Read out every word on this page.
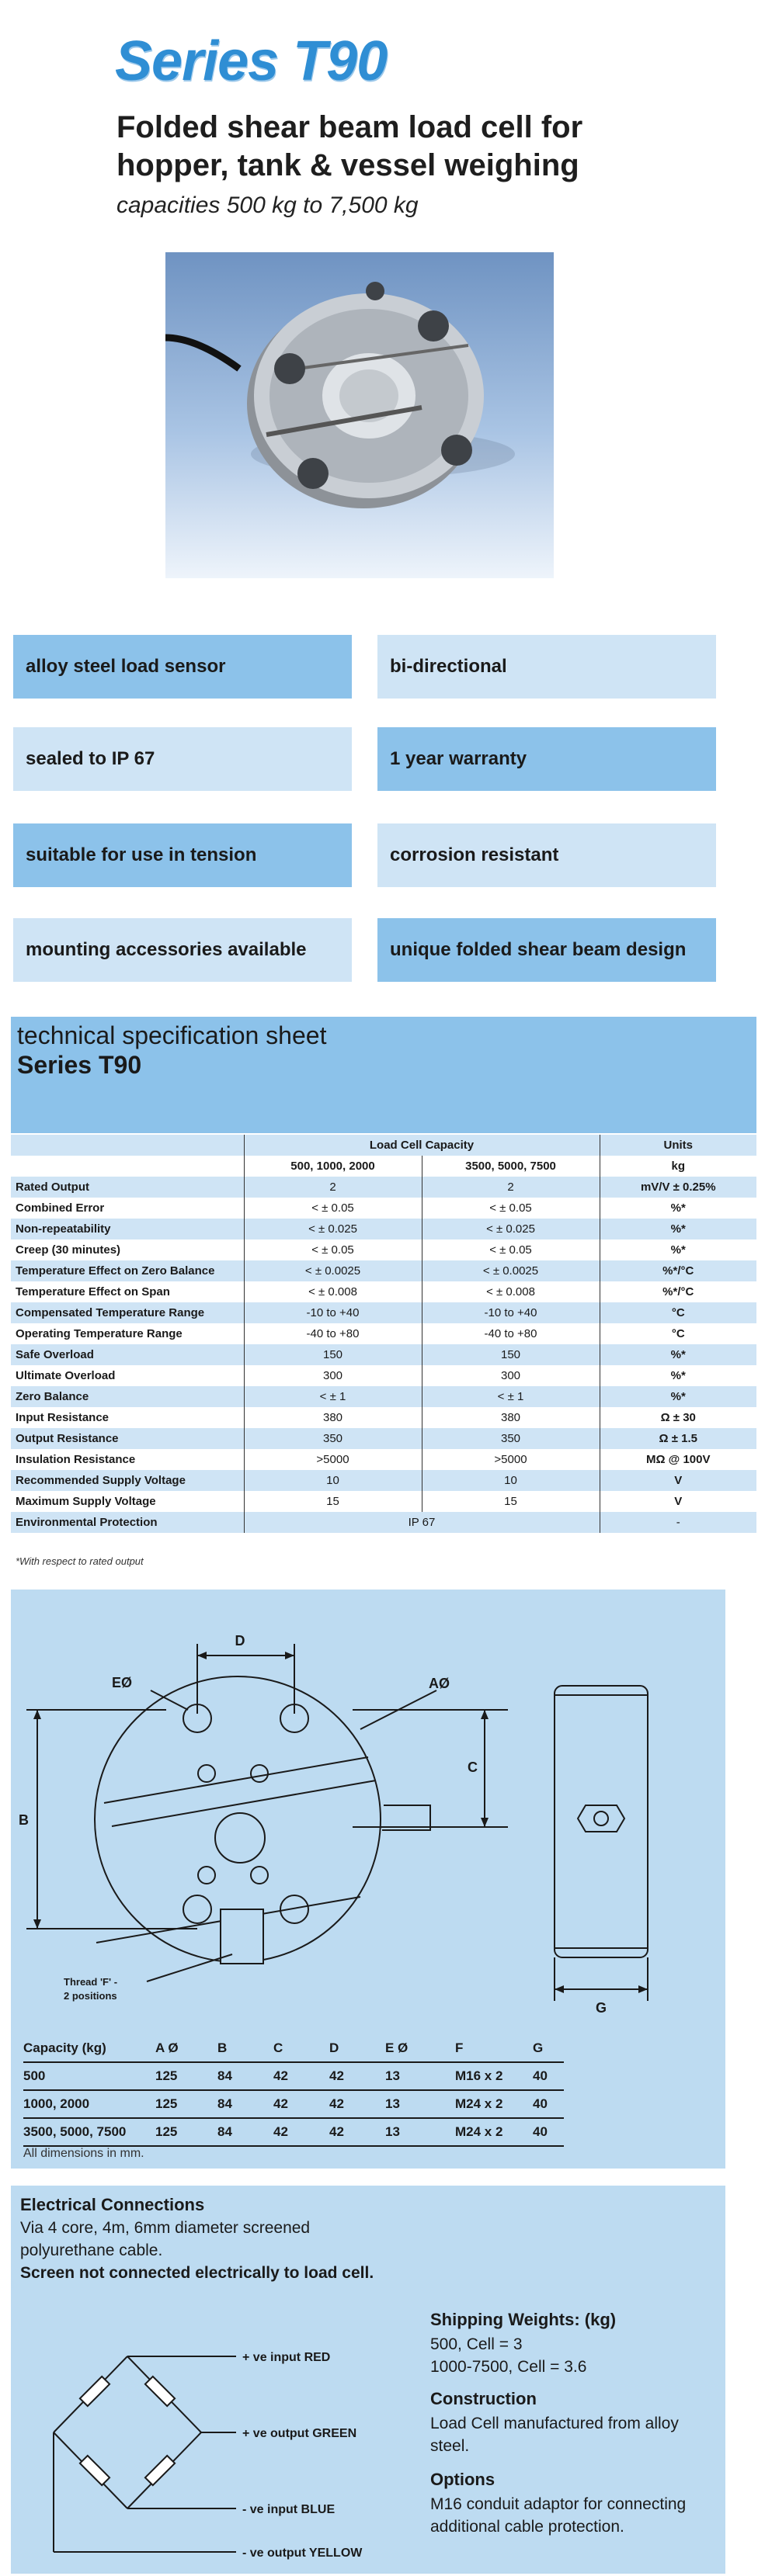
Series T90
Folded shear beam load cell for
hopper, tank & vessel weighing
capacities 500 kg to 7,500 kg
alloy steel load sensor	bi-directional
sealed to IP 67	1 year warranty
suitable for use in tension	corrosion resistant
mounting accessories available	unique folded shear beam design
technical specification sheet
Series T90
	Load Cell Capacity		Units
	500, 1000, 2000	3500, 5000, 7500	kg
Rated Output	2	2	mV/V ± 0.25%
Combined Error	< ± 0.05	< ± 0.05	%*
Non-repeatability	< ± 0.025	< ± 0.025	%*
Creep (30 minutes)	< ± 0.05	< ± 0.05	%*
Temperature Effect on Zero Balance	< ± 0.0025	< ± 0.0025	%*/°C
Temperature Effect on Span	< ± 0.008	< ± 0.008	%*/°C
Compensated Temperature Range	-10 to +40	-10 to +40	°C
Operating Temperature Range	-40 to +80	-40 to +80	°C
Safe Overload	150	150	%*
Ultimate Overload	300	300	%*
Zero Balance	< ± 1	< ± 1	%*
Input Resistance	380	380	Ω ± 30
Output Resistance	350	350	Ω ± 1.5
Insulation Resistance	>5000	>5000	MΩ @ 100V
Recommended Supply Voltage	10	10	V
Maximum Supply Voltage	15	15	V
Environmental Protection	IP 67		-
*With respect to rated output
D
EØ	AØ
B
C
G
Thread 'F' -
2 positions
Capacity (kg)	A Ø	B	C	D	E Ø	F	G
500	125	84	42	42	13	M16 x 2	40
1000, 2000	125	84	42	42	13	M24 x 2	40
3500, 5000, 7500	125	84	42	42	13	M24 x 2	40
All dimensions in mm.
Electrical Connections
Via 4 core, 4m, 6mm diameter screened
polyurethane cable.
Screen not connected electrically to load cell.
+ ve input RED
+ ve output GREEN
- ve input BLUE
- ve output YELLOW
Shipping Weights: (kg)
500, Cell = 3
1000-7500, Cell = 3.6
Construction
Load Cell manufactured from alloy
steel.
Options
M16 conduit adaptor for connecting
additional cable protection.
